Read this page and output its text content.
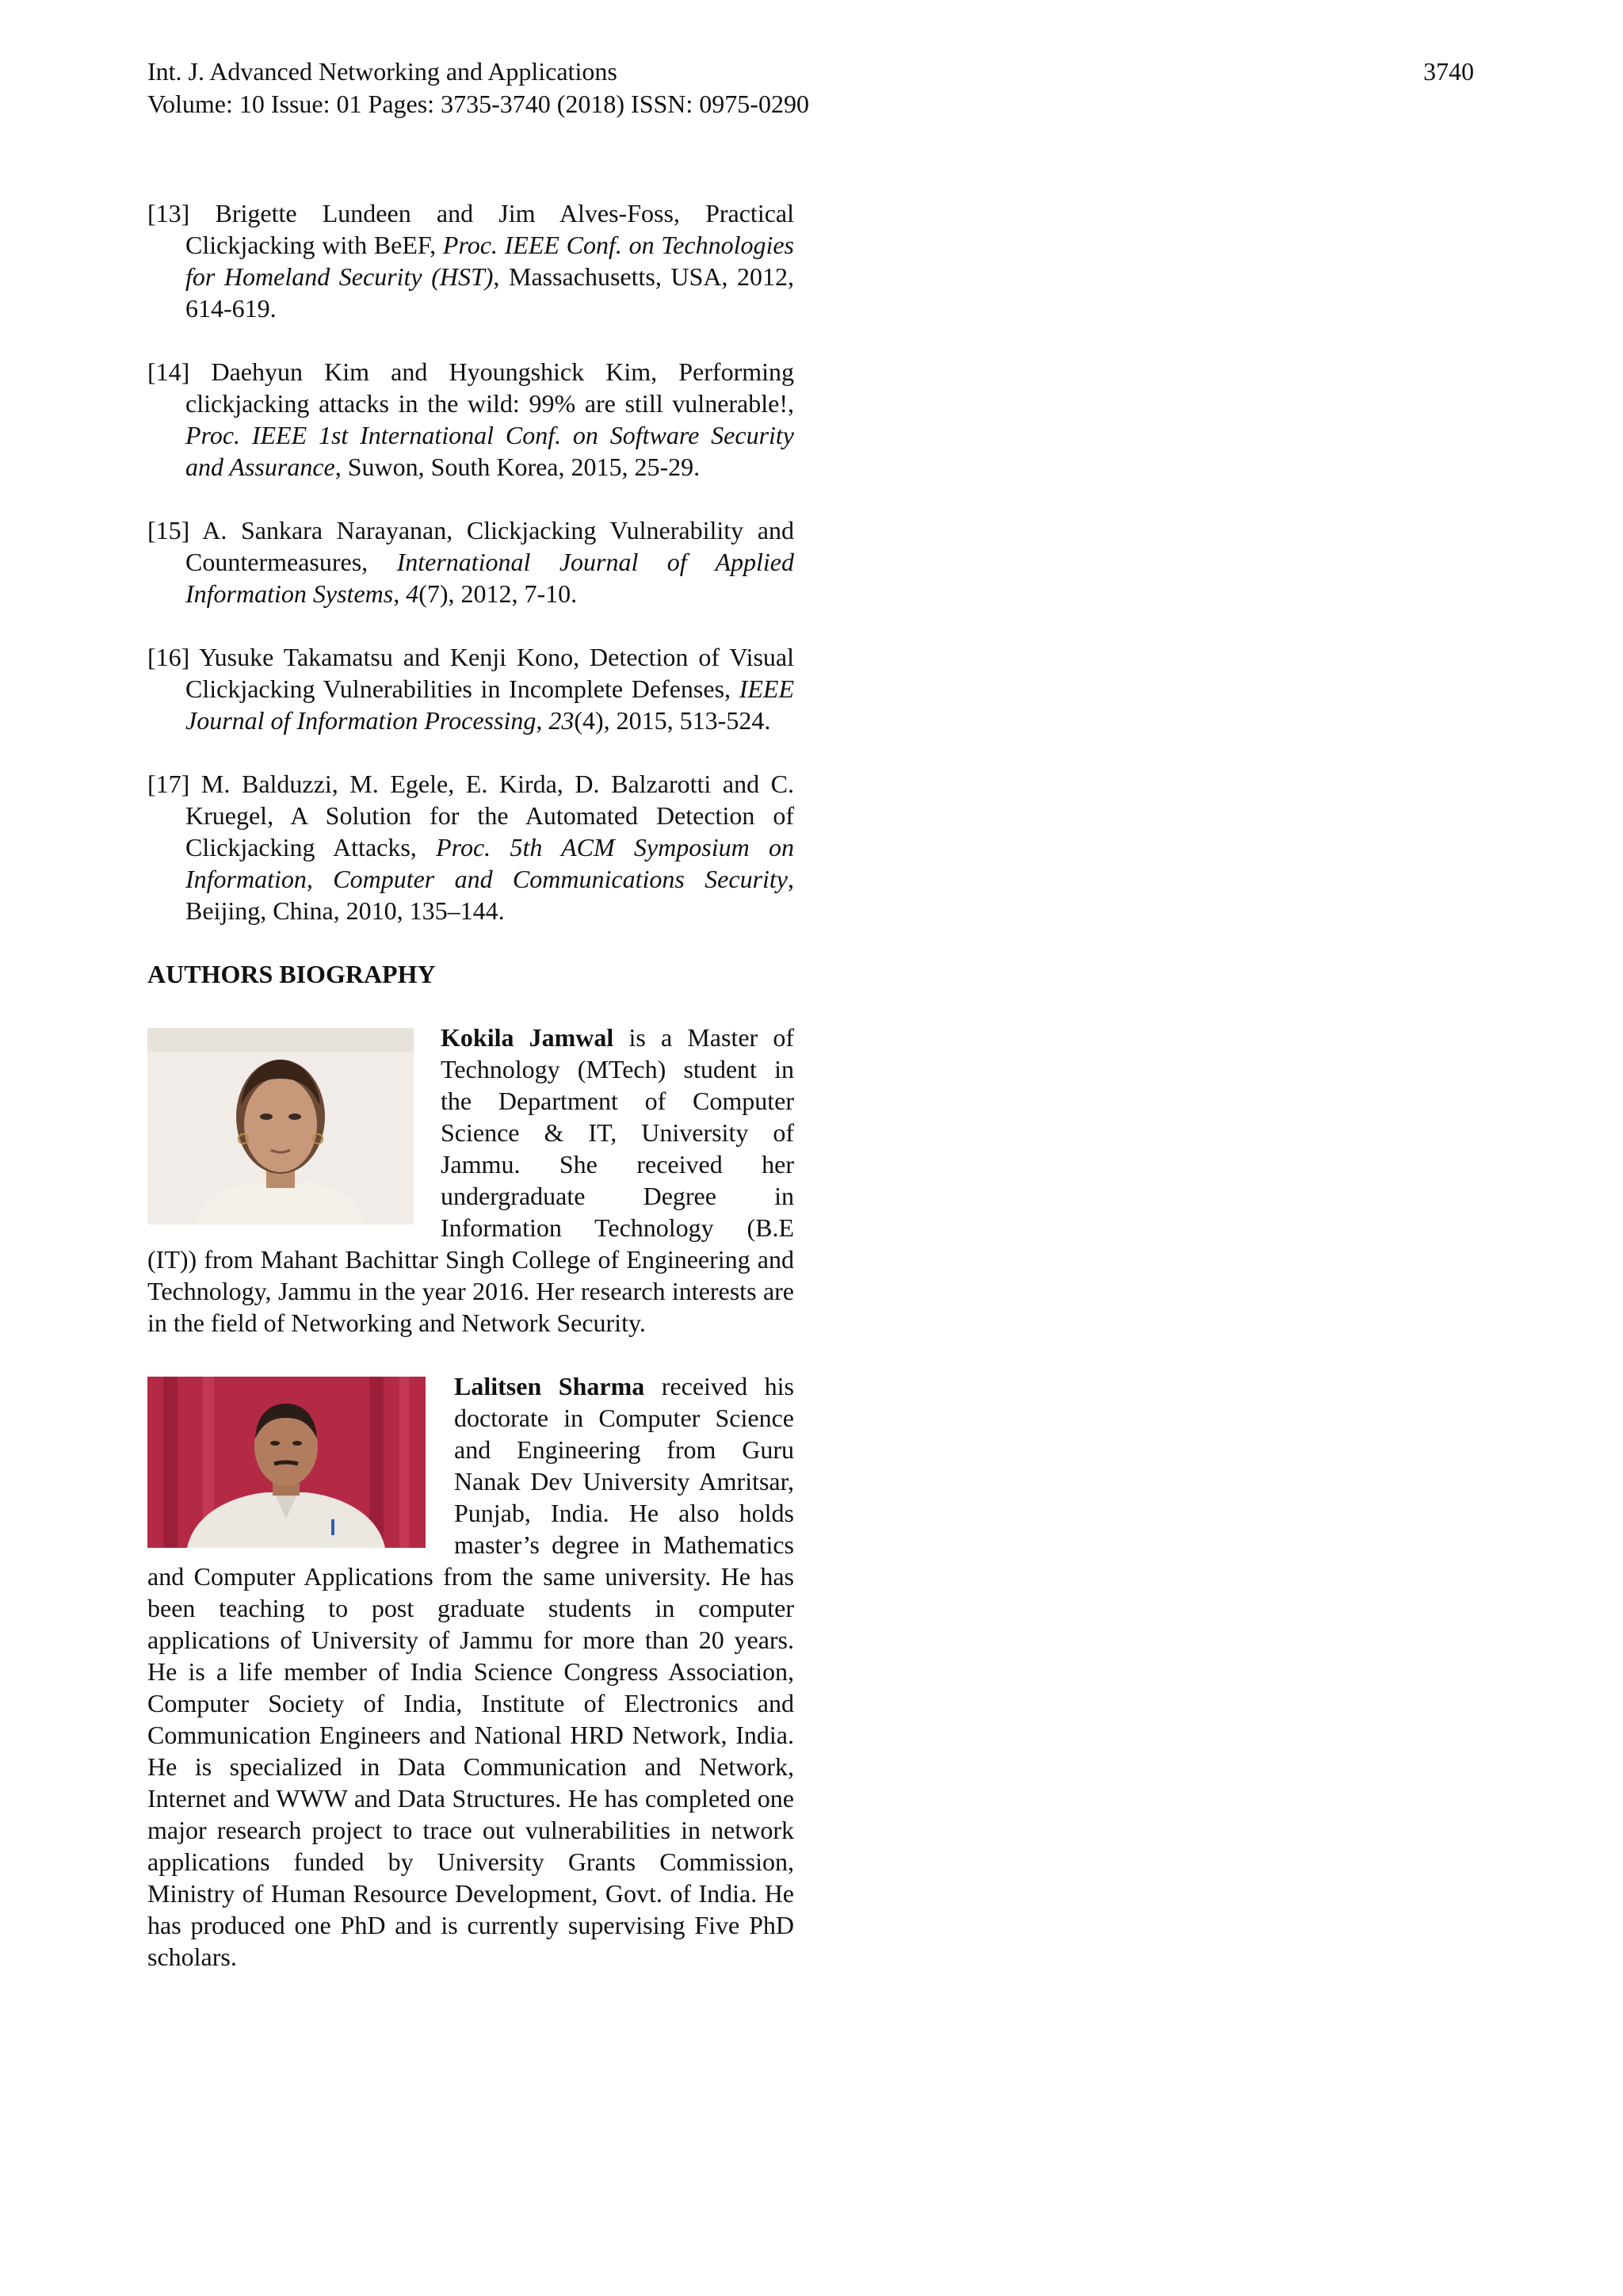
Int. J. Advanced Networking and Applications
Volume: 10 Issue: 01 Pages: 3735-3740 (2018) ISSN: 0975-0290
3740
[13] Brigette Lundeen and Jim Alves-Foss, Practical Clickjacking with BeEF, Proc. IEEE Conf. on Technologies for Homeland Security (HST), Massachusetts, USA, 2012, 614-619.
[14] Daehyun Kim and Hyoungshick Kim, Performing clickjacking attacks in the wild: 99% are still vulnerable!, Proc. IEEE 1st International Conf. on Software Security and Assurance, Suwon, South Korea, 2015, 25-29.
[15] A. Sankara Narayanan, Clickjacking Vulnerability and Countermeasures, International Journal of Applied Information Systems, 4(7), 2012, 7-10.
[16] Yusuke Takamatsu and Kenji Kono, Detection of Visual Clickjacking Vulnerabilities in Incomplete Defenses, IEEE Journal of Information Processing, 23(4), 2015, 513-524.
[17] M. Balduzzi, M. Egele, E. Kirda, D. Balzarotti and C. Kruegel, A Solution for the Automated Detection of Clickjacking Attacks, Proc. 5th ACM Symposium on Information, Computer and Communications Security, Beijing, China, 2010, 135–144.
AUTHORS BIOGRAPHY
Kokila Jamwal is a Master of Technology (MTech) student in the Department of Computer Science & IT, University of Jammu. She received her undergraduate Degree in Information Technology (B.E (IT)) from Mahant Bachittar Singh College of Engineering and Technology, Jammu in the year 2016. Her research interests are in the field of Networking and Network Security.
Lalitsen Sharma received his doctorate in Computer Science and Engineering from Guru Nanak Dev University Amritsar, Punjab, India. He also holds master’s degree in Mathematics and Computer Applications from the same university. He has been teaching to post graduate students in computer applications of University of Jammu for more than 20 years. He is a life member of India Science Congress Association, Computer Society of India, Institute of Electronics and Communication Engineers and National HRD Network, India. He is specialized in Data Communication and Network, Internet and WWW and Data Structures. He has completed one major research project to trace out vulnerabilities in network applications funded by University Grants Commission, Ministry of Human Resource Development, Govt. of India. He has produced one PhD and is currently supervising Five PhD scholars.
